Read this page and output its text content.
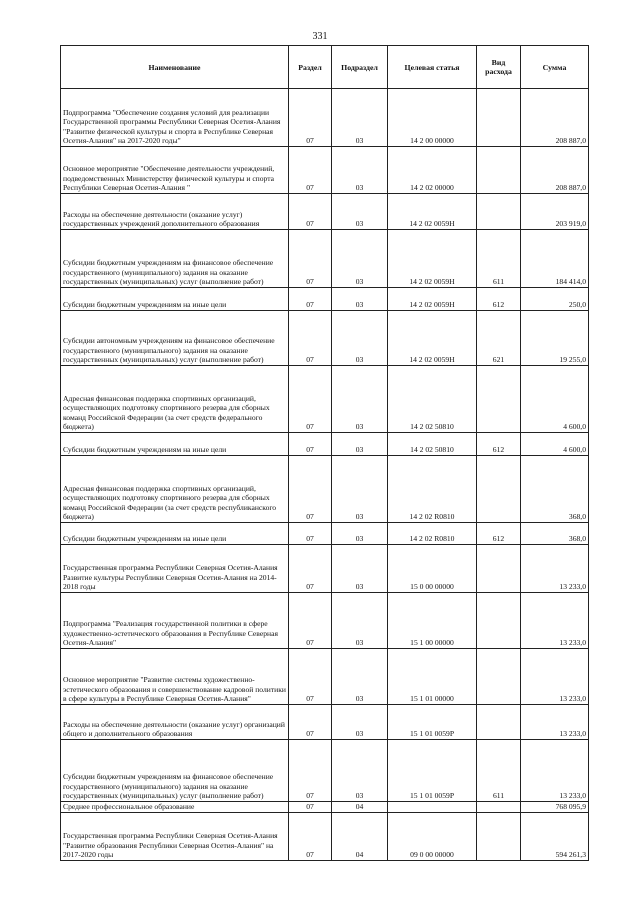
331
Наименование	Раздел	Подраздел	Целевая статья	Вид расхода	Сумма
Подпрограмма "Обеспечение создания условий для реализации Государственной программы Республики Северная Осетия-Алания "Развитие физической культуры и спорта в Республике Северная Осетия-Алания" на 2017-2020 годы"	07	03	14 2 00 00000		208 887,0
Основное мероприятие "Обеспечение деятельности учреждений, подведомственных Министерству физической культуры и спорта Республики Северная Осетия-Алания "	07	03	14 2 02 00000		208 887,0
Расходы на обеспечение деятельности (оказание услуг) государственных учреждений дополнительного образования	07	03	14 2 02 0059Н		203 919,0
Субсидии бюджетным учреждениям на финансовое обеспечение государственного (муниципального) задания на оказание государственных (муниципальных) услуг (выполнение работ)	07	03	14 2 02 0059Н	611	184 414,0
Субсидии бюджетным учреждениям на иные цели	07	03	14 2 02 0059Н	612	250,0
Субсидии автономным учреждениям на финансовое обеспечение государственного (муниципального) задания на оказание государственных (муниципальных) услуг (выполнение работ)	07	03	14 2 02 0059Н	621	19 255,0
Адресная финансовая поддержка спортивных организаций, осуществляющих подготовку спортивного резерва для сборных команд Российской Федерации (за счет средств федерального бюджета)	07	03	14 2 02 50810		4 600,0
Субсидии бюджетным учреждениям на иные цели	07	03	14 2 02 50810	612	4 600,0
Адресная финансовая поддержка спортивных организаций, осуществляющих подготовку спортивного резерва для сборных команд Российской Федерации (за счет средств республиканского бюджета)	07	03	14 2 02 R0810		368,0
Субсидии бюджетным учреждениям на иные цели	07	03	14 2 02 R0810	612	368,0
Государственная программа Республики Северная Осетия-Алания Развитие культуры Республики Северная Осетия-Алания на 2014-2018 годы	07	03	15 0 00 00000		13 233,0
Подпрограмма "Реализация государственной политики в сфере художественно-эстетического образования в Республике Северная Осетия-Алания"	07	03	15 1 00 00000		13 233,0
Основное мероприятие "Развитие системы художественно-эстетического образования и совершенствование кадровой политики в сфере культуры в Республике Северная Осетия-Алания"	07	03	15 1 01 00000		13 233,0
Расходы на обеспечение деятельности (оказание услуг) организаций общего и дополнительного образования	07	03	15 1 01 0059Р		13 233,0
Субсидии бюджетным учреждениям на финансовое обеспечение государственного (муниципального) задания на оказание государственных (муниципальных) услуг (выполнение работ)	07	03	15 1 01 0059Р	611	13 233,0
Среднее профессиональное образование	07	04			768 095,9
Государственная программа Республики Северная Осетия-Алания "Развитие образования Республики Северная Осетия-Алания" на 2017-2020 годы	07	04	09 0 00 00000		594 261,3
